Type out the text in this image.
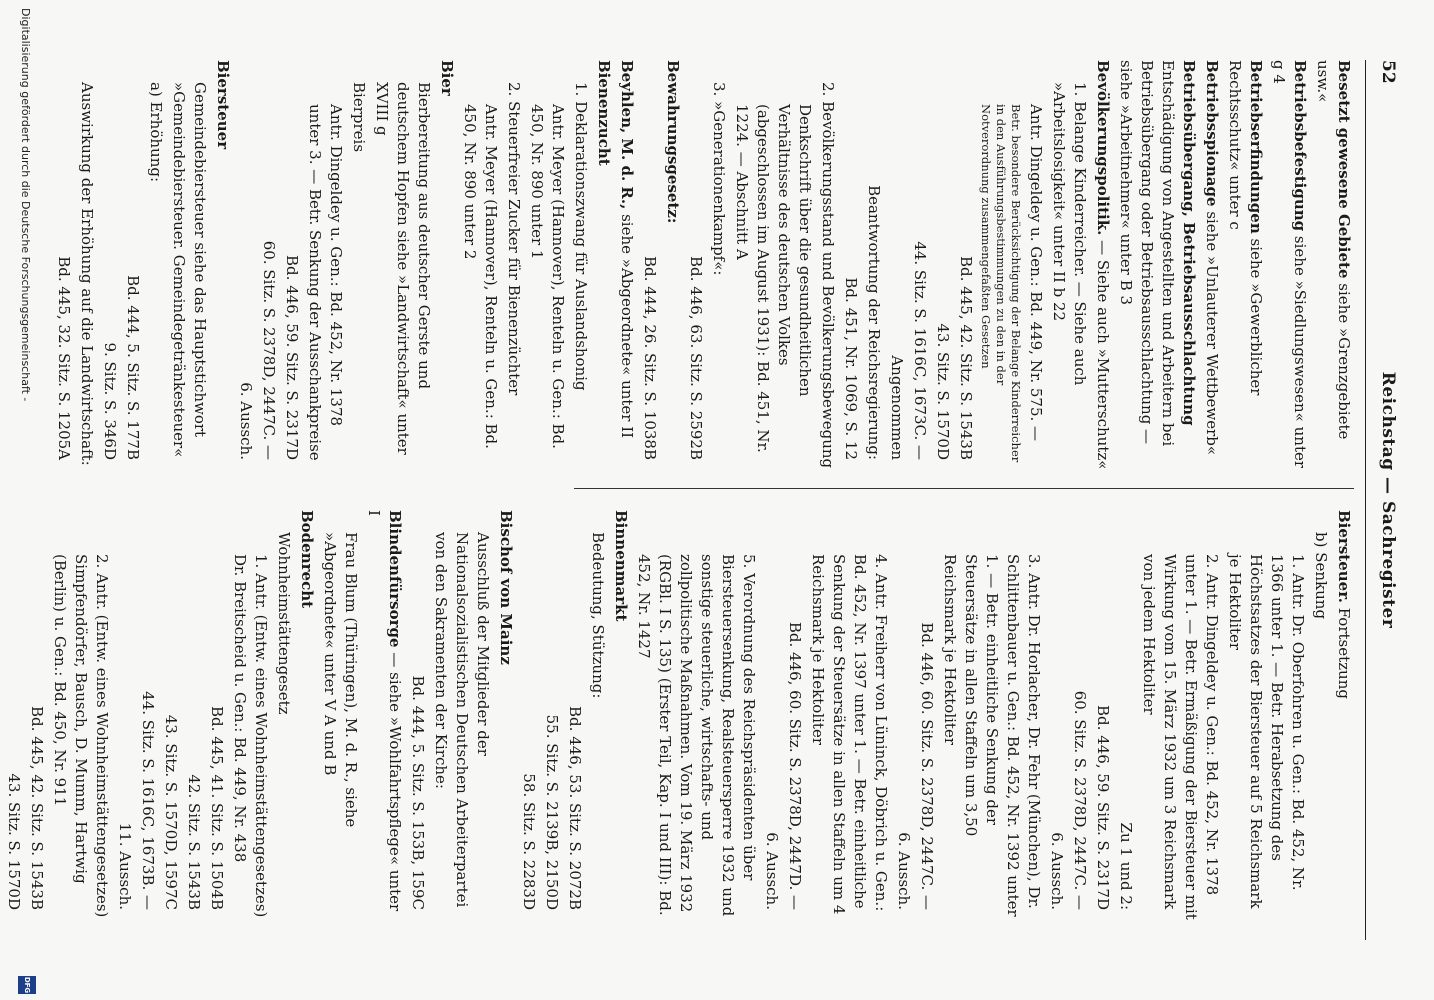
52
Reichstag — Sachregister
Besetzt gewesene Gebiete siehe »Grenzgebiete usw.«
Betriebsbefestigung siehe »Siedlungswesen« unter g 4
Betriebserfindungen siehe »Gewerblicher Rechtsschutz« unter c
Betriebsspionage siehe »Unlauterer Wettbewerb«
Betriebsübergang, Betriebsausschlachtung Entschädigung von Angestellten und Arbeitern bei Betriebsübergang oder Betriebsausschlachtung — siehe »Arbeitnehmer« unter B 3
Bevölkerungspolitik. — Siehe auch »Mutterschutz«
1. Belange Kinderreicher. — Siehe auch »Arbeitslosigkeit« unter II b 22
Antr. Dingeldey u. Gen.: Bd. 449, Nr. 575. —
Betr. besondere Berücksichtigung der Belange Kinderreicher in den Ausführungsbestimmungen zu den in der Notverordnung zusammengefaßten Gesetzen
Bd. 445, 42. Sitz. S. 1543B
43. Sitz. S. 1570D
44. Sitz. S. 1616C, 1673C. —
Angenommen
Beantwortung der Reichsregierung:
Bd. 451, Nr. 1069, S. 12
2. Bevölkerungsstand und Bevölkerungsbewegung
Denkschrift über die gesundheitlichen Verhältnisse des deutschen Volkes (abgeschlossen im August 1931): Bd. 451, Nr. 1224. — Abschnitt A
3. »Generationenkampf«:
Bd. 446, 63. Sitz. S. 2592B
Bewahrungsgesetz:
Bd. 444, 26. Sitz. S. 1038B
Beyhlen, M. d. R., siehe »Abgeordnete« unter II
Bienenzucht
1. Deklarationszwang für Auslandshonig
Antr. Meyer (Hannover), Renteln u. Gen.: Bd. 450, Nr. 890 unter 1
2. Steuerfreier Zucker für Bienenzüchter
Antr. Meyer (Hannover), Renteln u. Gen.: Bd. 450, Nr. 890 unter 2
Bier
Bierbereitung aus deutscher Gerste und deutschem Hopfen siehe »Landwirtschaft« unter XVIII g
Bierpreis
Antr. Dingeldey u. Gen.: Bd. 452, Nr. 1378 unter 3. — Betr. Senkung der Ausschankpreise
Bd. 446, 59. Sitz. S. 2317D
60. Sitz. S. 2378D, 2447C. —
6. Aussch.
Biersteuer
Gemeindebiersteuer siehe das Hauptstichwort »Gemeindebiersteuer. Gemeindegetränkesteuer«
a) Erhöhung:
Bd. 444, 5. Sitz. S. 177B
9. Sitz. S. 346D
Auswirkung der Erhöhung auf die Landwirtschaft:
Bd. 445, 32. Sitz. S. 1205A
Biersteuer. Fortsetzung
b) Senkung
1. Antr. Dr. Oberfohren u. Gen.: Bd. 452, Nr. 1366 unter 1. — Betr. Herabsetzung des Höchstsatzes der Biersteuer auf 5 Reichsmark je Hektoliter
2. Antr. Dingeldey u. Gen.: Bd. 452, Nr. 1378 unter 1. — Betr. Ermäßigung der Biersteuer mit Wirkung vom 15. März 1932 um 3 Reichsmark von jedem Hektoliter
Zu 1 und 2:
Bd. 446, 59. Sitz. S. 2317D
60. Sitz. S. 2378D, 2447C. —
6. Aussch.
3. Antr. Dr. Horlacher, Dr. Fehr (München), Dr. Schlittenbauer u. Gen.: Bd. 452, Nr. 1392 unter 1. — Betr. einheitliche Senkung der Steuersätze in allen Staffeln um 3,50 Reichsmark je Hektoliter
Bd. 446, 60. Sitz. S. 2378D, 2447C. —
6. Aussch.
4. Antr. Freiherr von Lüninck, Döbrich u. Gen.: Bd. 452, Nr. 1397 unter 1. — Betr. einheitliche Senkung der Steuersätze in allen Staffeln um 4 Reichsmark je Hektoliter
Bd. 446, 60. Sitz. S. 2378D, 2447D. —
6. Aussch.
5. Verordnung des Reichspräsidenten über Biersteuersenkung, Realsteuersperre 1932 und sonstige steuerliche, wirtschafts- und zollpolitische Maßnahmen. Vom 19. März 1932 (RGBl. I S. 135) (Erster Teil, Kap. I und III): Bd. 452, Nr. 1427
Binnenmarkt
Bedeutung, Stützung:
Bd. 446, 53. Sitz. S. 2072B
55. Sitz. S. 2139B, 2150D
58. Sitz. S. 2283D
Bischof von Mainz
Ausschluß der Mitglieder der Nationalsozialistischen Deutschen Arbeiterpartei von den Sakramenten der Kirche:
Bd. 444, 5. Sitz. S. 153B, 159C
Blindenfürsorge — siehe »Wohlfahrtspflege« unter I
Frau Blum (Thüringen), M. d. R., siehe »Abgeordnete« unter V A und B
Bodenrecht
Wohnheimstättengesetz
1. Antr. (Entw. eines Wohnheimstättengesetzes) Dr. Breitscheid u. Gen.: Bd. 449, Nr. 438
Bd. 445, 41. Sitz. S. 1504B
42. Sitz. S. 1543B
43. Sitz. S. 1570D, 1597C
44. Sitz. S. 1616C, 1673B. —
11. Aussch.
2. Antr. (Entw. eines Wohnheimstättengesetzes) Simpfendörfer, Bausch, D. Mumm, Hartwig (Berlin) u. Gen.: Bd. 450, Nr. 911
Bd. 445, 42. Sitz. S. 1543B
43. Sitz. S. 1570D
Digitalisierung gefördert durch die Deutsche Forschungsgemeinschaft -
DFG
